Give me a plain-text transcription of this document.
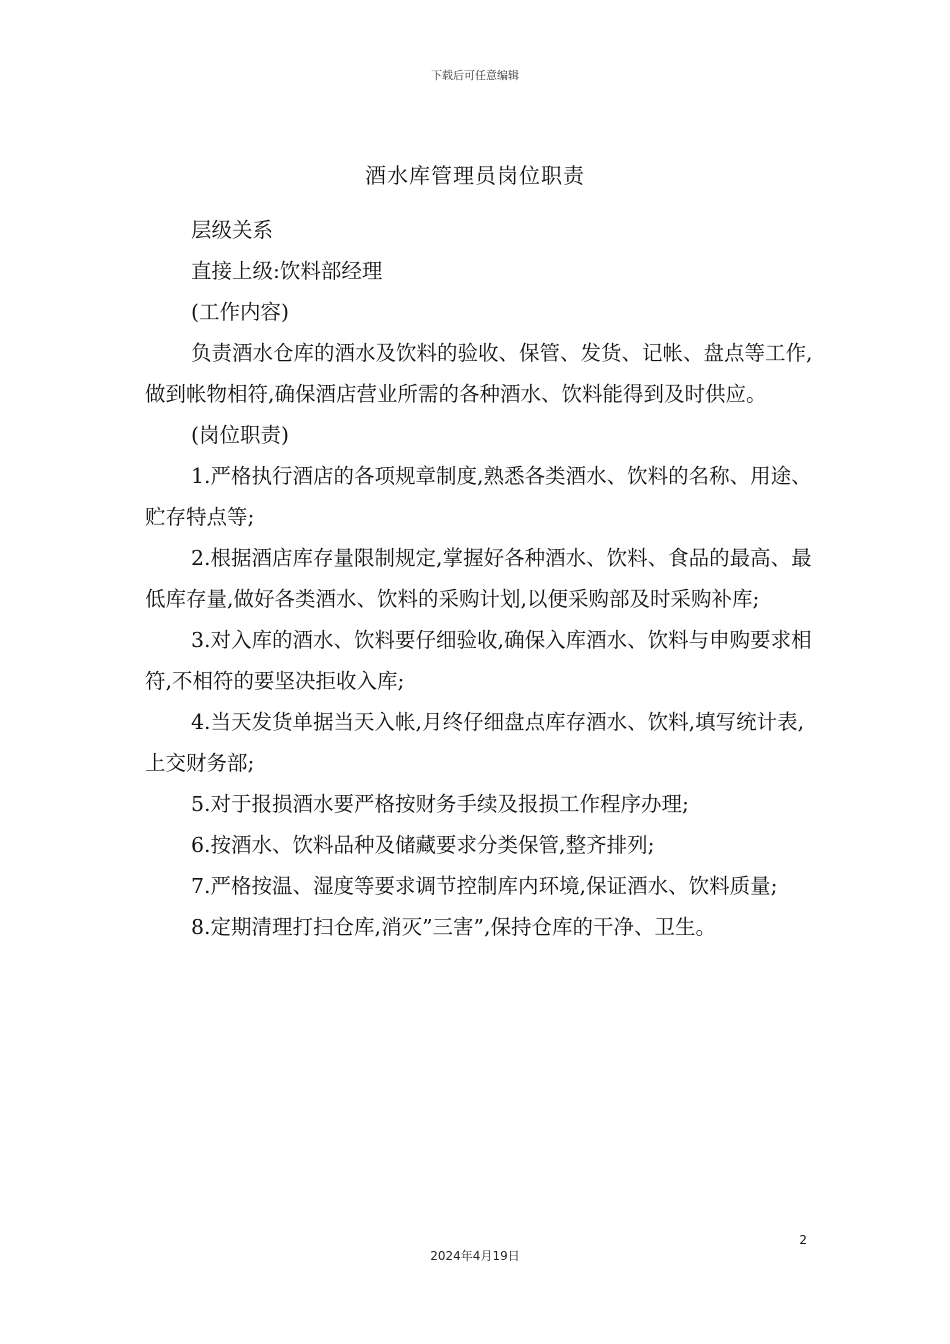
下载后可任意编辑
酒水库管理员岗位职责

层级关系

直接上级:饮料部经理

(工作内容)

负责酒水仓库的酒水及饮料的验收、保管、发货、记帐、盘点等工作,做到帐物相符,确保酒店营业所需的各种酒水、饮料能得到及时供应。

(岗位职责)

1.严格执行酒店的各项规章制度,熟悉各类酒水、饮料的名称、用途、贮存特点等;

2.根据酒店库存量限制规定,掌握好各种酒水、饮料、食品的最高、最低库存量,做好各类酒水、饮料的采购计划,以便采购部及时采购补库;

3.对入库的酒水、饮料要仔细验收,确保入库酒水、饮料与申购要求相符,不相符的要坚决拒收入库;

4.当天发货单据当天入帐,月终仔细盘点库存酒水、饮料,填写统计表,上交财务部;

5.对于报损酒水要严格按财务手续及报损工作程序办理;

6.按酒水、饮料品种及储藏要求分类保管,整齐排列;

7.严格按温、湿度等要求调节控制库内环境,保证酒水、饮料质量;

8.定期清理打扫仓库,消灭”三害”,保持仓库的干净、卫生。

2
2024年4月19日
